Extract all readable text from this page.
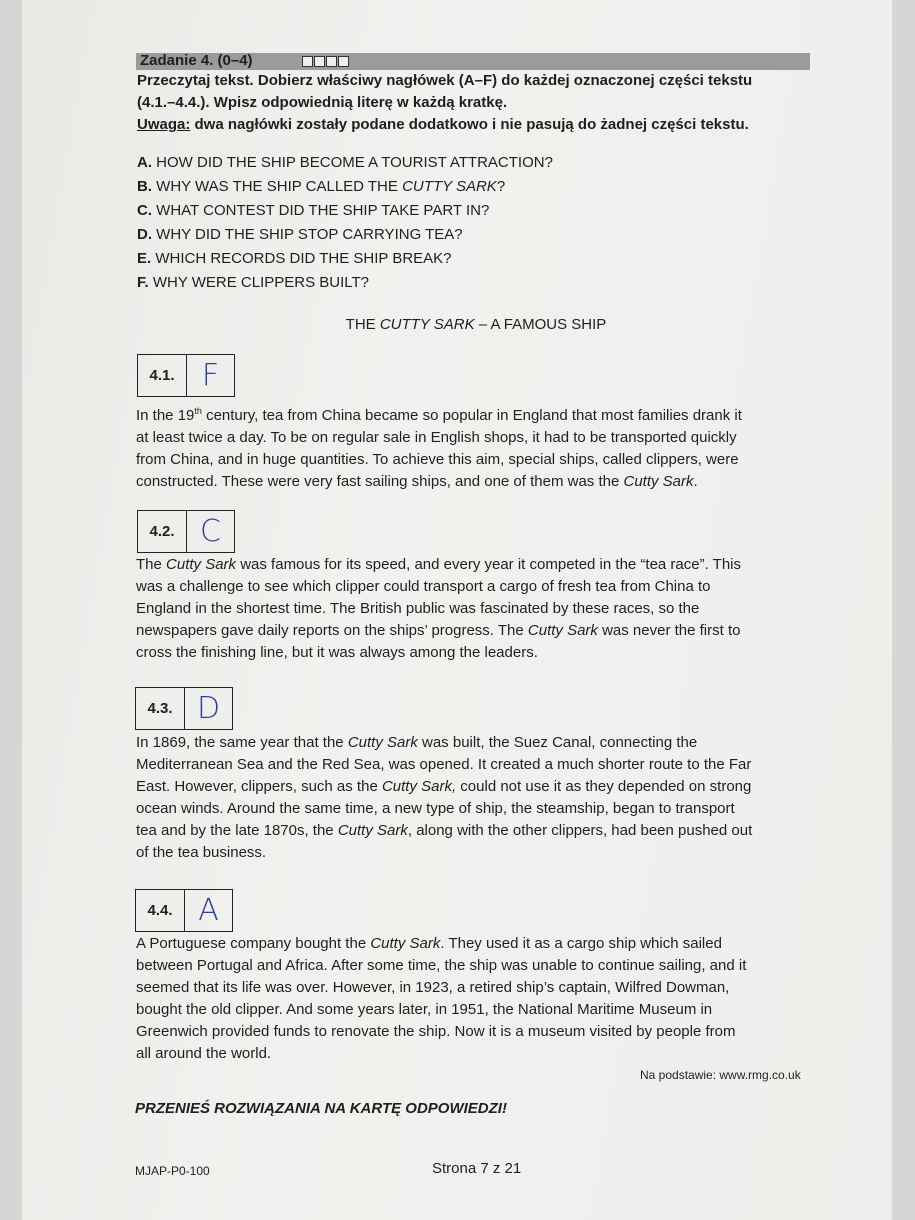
Zadanie 4. (0–4)
Przeczytaj tekst. Dobierz właściwy nagłówek (A–F) do każdej oznaczonej części tekstu
(4.1.–4.4.). Wpisz odpowiednią literę w każdą kratkę.
Uwaga: dwa nagłówki zostały podane dodatkowo i nie pasują do żadnej części tekstu.
A. HOW DID THE SHIP BECOME A TOURIST ATTRACTION?
B. WHY WAS THE SHIP CALLED THE CUTTY SARK?
C. WHAT CONTEST DID THE SHIP TAKE PART IN?
D. WHY DID THE SHIP STOP CARRYING TEA?
E. WHICH RECORDS DID THE SHIP BREAK?
F. WHY WERE CLIPPERS BUILT?
THE CUTTY SARK – A FAMOUS SHIP
4.1. F

In the 19th century, tea from China became so popular in England that most families drank it

at least twice a day. To be on regular sale in English shops, it had to be transported quickly

from China, and in huge quantities. To achieve this aim, special ships, called clippers, were

constructed. These were very fast sailing ships, and one of them was the Cutty Sark.

4.2. C

The Cutty Sark was famous for its speed, and every year it competed in the “tea race”. This

was a challenge to see which clipper could transport a cargo of fresh tea from China to

England in the shortest time. The British public was fascinated by these races, so the

newspapers gave daily reports on the ships’ progress. The Cutty Sark was never the first to

cross the finishing line, but it was always among the leaders.

4.3. D

In 1869, the same year that the Cutty Sark was built, the Suez Canal, connecting the

Mediterranean Sea and the Red Sea, was opened. It created a much shorter route to the Far

East. However, clippers, such as the Cutty Sark, could not use it as they depended on strong

ocean winds. Around the same time, a new type of ship, the steamship, began to transport

tea and by the late 1870s, the Cutty Sark, along with the other clippers, had been pushed out

of the tea business.

4.4. A

A Portuguese company bought the Cutty Sark. They used it as a cargo ship which sailed

between Portugal and Africa. After some time, the ship was unable to continue sailing, and it

seemed that its life was over. However, in 1923, a retired ship’s captain, Wilfred Dowman,

bought the old clipper. And some years later, in 1951, the National Maritime Museum in

Greenwich provided funds to renovate the ship. Now it is a museum visited by people from

all around the world.

Na podstawie: www.rmg.co.uk
PRZENIEŚ ROZWIĄZANIA NA KARTĘ ODPOWIEDZI!
MJAP-P0-100	Strona 7 z 21
